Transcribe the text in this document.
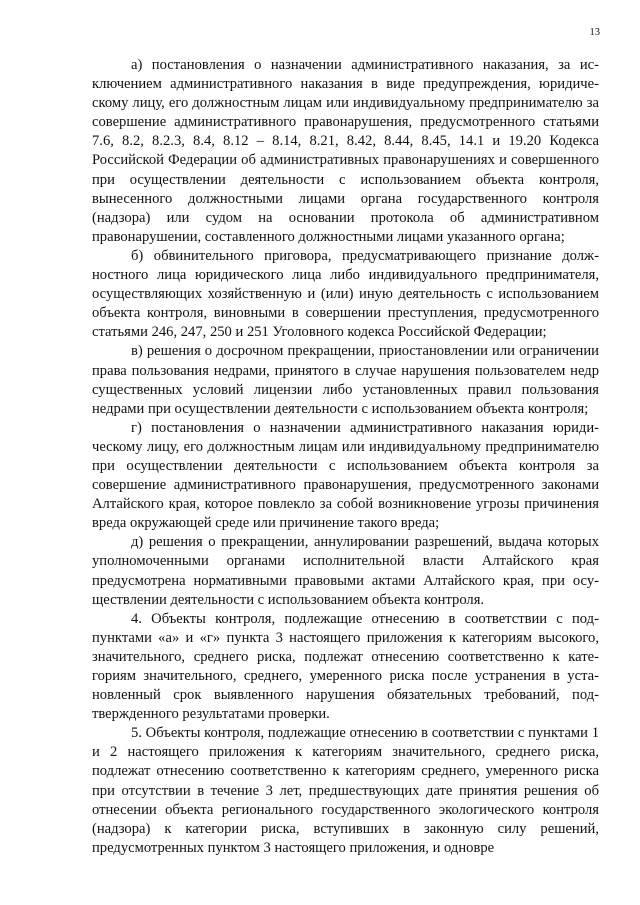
13

а) постановления о назначении административного наказания, за исключением административного наказания в виде предупреждения, юридическому лицу, его должностным лицам или индивидуальному предпринимателю за совершение административного правонарушения, предусмотренного статьями 7.6, 8.2, 8.2.3, 8.4, 8.12 – 8.14, 8.21, 8.42, 8.44, 8.45, 14.1 и 19.20 Кодекса Российской Федерации об административных правонарушениях и совершенного при осуществлении деятельности с использованием объекта контроля, вынесенного должностными лицами органа государственного контроля (надзора) или судом на основании протокола об административном правонарушении, составленного должностными лицами указанного органа;

б) обвинительного приговора, предусматривающего признание должностного лица юридического лица либо индивидуального предпринимателя, осуществляющих хозяйственную и (или) иную деятельность с использованием объекта контроля, виновными в совершении преступления, предусмотренного статьями 246, 247, 250 и 251 Уголовного кодекса Российской Федерации;

в) решения о досрочном прекращении, приостановлении или ограничении права пользования недрами, принятого в случае нарушения пользователем недр существенных условий лицензии либо установленных правил пользования недрами при осуществлении деятельности с использованием объекта контроля;

г) постановления о назначении административного наказания юридическому лицу, его должностным лицам или индивидуальному предпринимателю при осуществлении деятельности с использованием объекта контроля за совершение административного правонарушения, предусмотренного законами Алтайского края, которое повлекло за собой возникновение угрозы причинения вреда окружающей среде или причинение такого вреда;

д) решения о прекращении, аннулировании разрешений, выдача которых уполномоченными органами исполнительной власти Алтайского края предусмотрена нормативными правовыми актами Алтайского края, при осуществлении деятельности с использованием объекта контроля.

4. Объекты контроля, подлежащие отнесению в соответствии с подпунктами «а» и «г» пункта 3 настоящего приложения к категориям высокого, значительного, среднего риска, подлежат отнесению соответственно к категориям значительного, среднего, умеренного риска после устранения в установленный срок выявленного нарушения обязательных требований, подтвержденного результатами проверки.

5. Объекты контроля, подлежащие отнесению в соответствии с пунктами 1 и 2 настоящего приложения к категориям значительного, среднего риска, подлежат отнесению соответственно к категориям среднего, умеренного риска при отсутствии в течение 3 лет, предшествующих дате принятия решения об отнесении объекта регионального государственного экологического контроля (надзора) к категории риска, вступивших в законную силу решений, предусмотренных пунктом 3 настоящего приложения, и одновре
